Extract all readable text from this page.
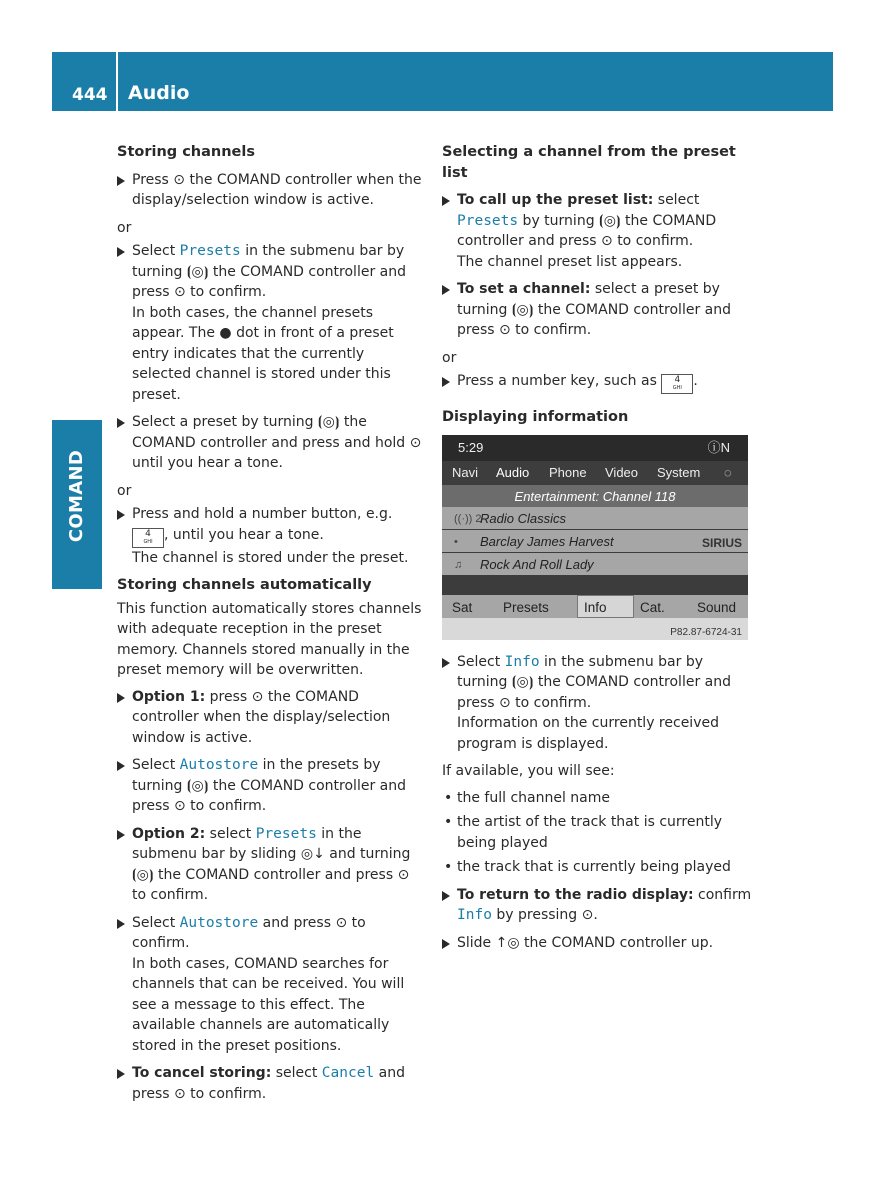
444 Audio
COMAND
Storing channels
Press ⊙ the COMAND controller when the display/selection window is active.
or
Select Presets in the submenu bar by turning ⦗◎⦘ the COMAND controller and press ⊙ to confirm.
In both cases, the channel presets appear. The ● dot in front of a preset entry indicates that the currently selected channel is stored under this preset.
Select a preset by turning ⦗◎⦘ the COMAND controller and press and hold ⊙ until you hear a tone.
or
Press and hold a number button, e.g.
4
GHI , until you hear a tone.
The channel is stored under the preset.
Storing channels automatically
This function automatically stores channels with adequate reception in the preset memory. Channels stored manually in the preset memory will be overwritten.
Option 1: press ⊙ the COMAND controller when the display/selection window is active.
Select Autostore in the presets by turning ⦗◎⦘ the COMAND controller and press ⊙ to confirm.
Option 2: select Presets in the submenu bar by sliding ◎↓ and turning ⦗◎⦘ the COMAND controller and press ⊙ to confirm.
Select Autostore and press ⊙ to confirm.
In both cases, COMAND searches for channels that can be received. You will see a message to this effect. The available channels are automatically stored in the preset positions.
To cancel storing: select Cancel and press ⊙ to confirm.
Selecting a channel from the preset list
To call up the preset list: select
Presets by turning ⦗◎⦘ the COMAND controller and press ⊙ to confirm.
The channel preset list appears.
To set a channel: select a preset by turning ⦗◎⦘ the COMAND controller and press ⊙ to confirm.
or
Press a number key, such as 4
GHI .
Displaying information
5:29	ⓘN
Navi Audio Phone Video System ◌
Entertainment: Channel 118
((·)) 2
Radio Classics
• Barclay James Harvest	SIRIUS
♫ Rock And Roll Lady
Sat Presets	Info Cat. Sound
P82.87-6724-31
Select Info in the submenu bar by turning ⦗◎⦘ the COMAND controller and press ⊙ to confirm.
Information on the currently received program is displayed.
If available, you will see:
• the full channel name
• the artist of the track that is currently being played
• the track that is currently being played
To return to the radio display: confirm
Info by pressing ⊙.
Slide ↑◎ the COMAND controller up.
